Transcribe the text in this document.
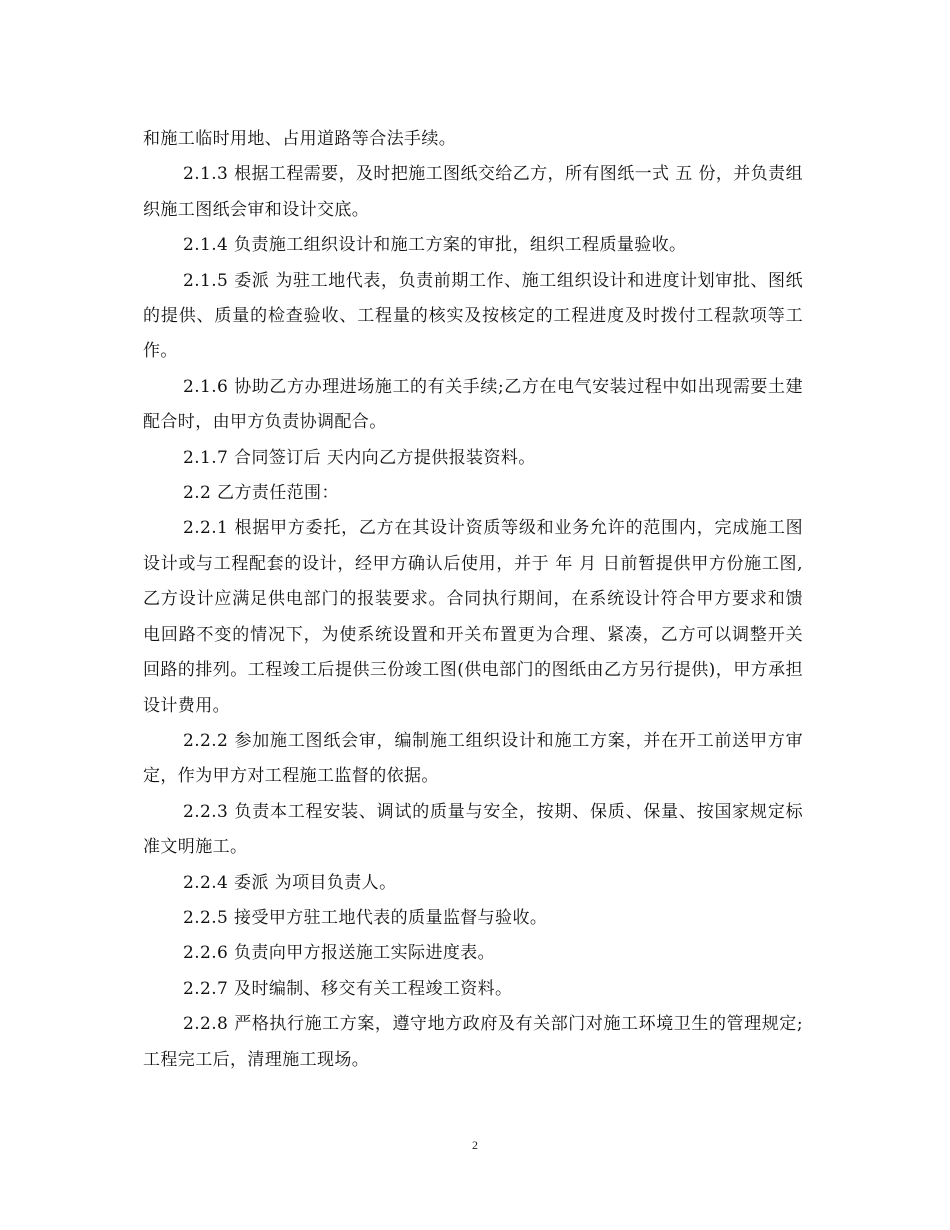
和施工临时用地、占用道路等合法手续。

2.1.3 根据工程需要，及时把施工图纸交给乙方，所有图纸一式 五 份，并负责组织施工图纸会审和设计交底。

2.1.4 负责施工组织设计和施工方案的审批，组织工程质量验收。

2.1.5 委派 为驻工地代表，负责前期工作、施工组织设计和进度计划审批、图纸的提供、质量的检查验收、工程量的核实及按核定的工程进度及时拨付工程款项等工作。

2.1.6 协助乙方办理进场施工的有关手续;乙方在电气安装过程中如出现需要土建配合时，由甲方负责协调配合。

2.1.7 合同签订后 天内向乙方提供报装资料。

2.2 乙方责任范围：

2.2.1 根据甲方委托，乙方在其设计资质等级和业务允许的范围内，完成施工图设计或与工程配套的设计，经甲方确认后使用，并于 年 月 日前暂提供甲方份施工图,乙方设计应满足供电部门的报装要求。合同执行期间，在系统设计符合甲方要求和馈电回路不变的情况下，为使系统设置和开关布置更为合理、紧凑，乙方可以调整开关回路的排列。工程竣工后提供三份竣工图(供电部门的图纸由乙方另行提供)，甲方承担设计费用。

2.2.2 参加施工图纸会审，编制施工组织设计和施工方案，并在开工前送甲方审定，作为甲方对工程施工监督的依据。

2.2.3 负责本工程安装、调试的质量与安全，按期、保质、保量、按国家规定标准文明施工。

2.2.4 委派 为项目负责人。

2.2.5 接受甲方驻工地代表的质量监督与验收。

2.2.6 负责向甲方报送施工实际进度表。

2.2.7 及时编制、移交有关工程竣工资料。

2.2.8 严格执行施工方案，遵守地方政府及有关部门对施工环境卫生的管理规定;工程完工后，清理施工现场。

2
